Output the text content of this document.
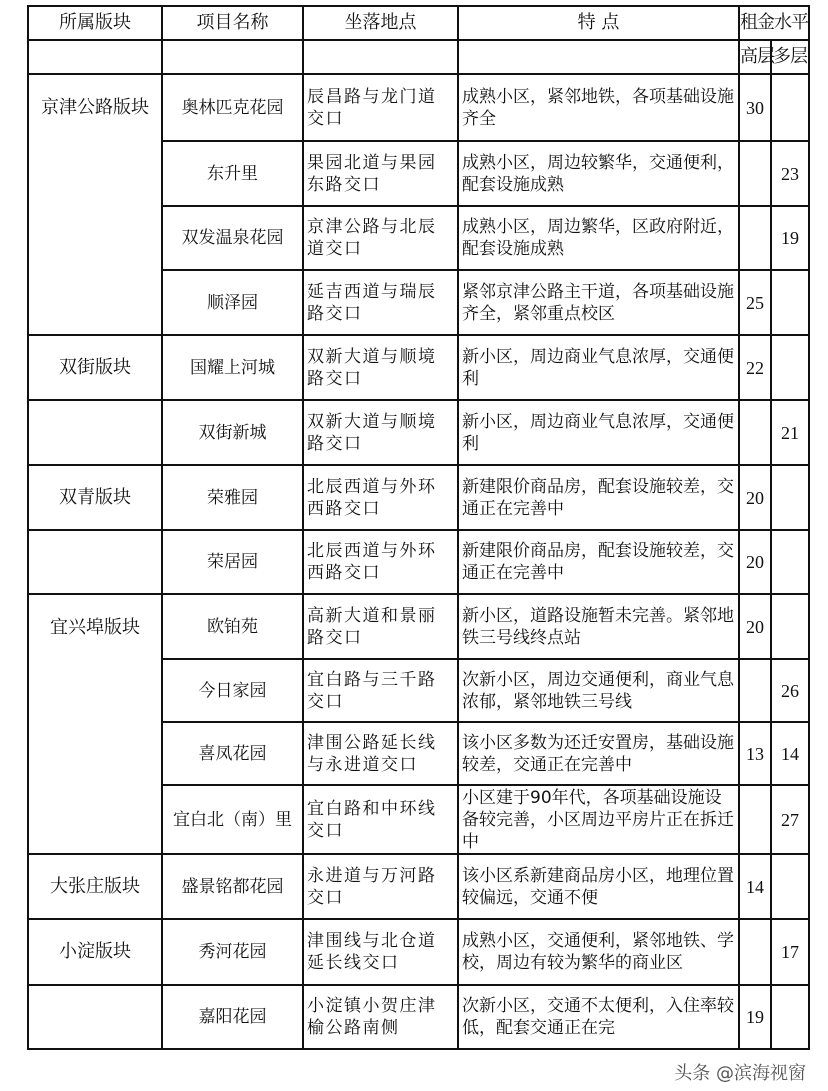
所属版块	项目名称	坐落地点	特 点	租金水平	
				高层	多层
京津公路版块	奥林匹克花园	辰昌路与龙门道交口	成熟小区，紧邻地铁，各项基础设施齐全	30	
	东升里	果园北道与果园东路交口	成熟小区，周边较繁华，交通便利，配套设施成熟		23
	双发温泉花园	京津公路与北辰道交口	成熟小区，周边繁华，区政府附近，配套设施成熟		19
	顺泽园	延吉西道与瑞辰路交口	紧邻京津公路主干道，各项基础设施齐全，紧邻重点校区	25	
双街版块	国耀上河城	双新大道与顺境路交口	新小区，周边商业气息浓厚，交通便利	22	
	双街新城	双新大道与顺境路交口	新小区，周边商业气息浓厚，交通便利		21
双青版块	荣雅园	北辰西道与外环西路交口	新建限价商品房，配套设施较差，交通正在完善中	20	
	荣居园	北辰西道与外环西路交口	新建限价商品房，配套设施较差，交通正在完善中	20	
宜兴埠版块	欧铂苑	高新大道和景丽路交口	新小区，道路设施暂未完善。紧邻地铁三号线终点站	20	
	今日家园	宜白路与三千路交口	次新小区，周边交通便利，商业气息浓郁，紧邻地铁三号线		26
	喜凤花园	津围公路延长线与永进道交口	该小区多数为还迁安置房，基础设施较差，交通正在完善中	13	14
	宜白北（南）里	宜白路和中环线交口	小区建于90年代，各项基础设施设备较完善，小区周边平房片正在拆迁中		27
大张庄版块	盛景铭都花园	永进道与万河路交口	该小区系新建商品房小区，地理位置较偏远，交通不便	14	
小淀版块	秀河花园	津围线与北仓道延长线交口	成熟小区，交通便利，紧邻地铁、学校，周边有较为繁华的商业区		17
	嘉阳花园	小淀镇小贺庄津榆公路南侧	次新小区，交通不太便利，入住率较低，配套交通正在完	19	
头条 @滨海视窗
